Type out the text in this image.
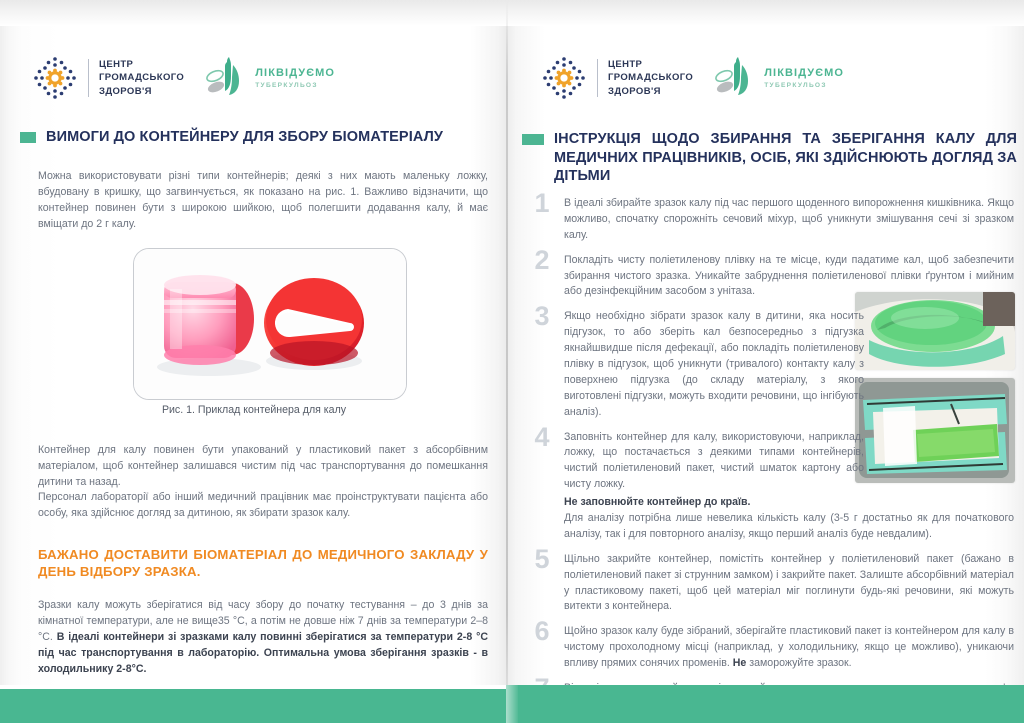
ЦЕНТР
ГРОМАДСЬКОГО
ЗДОРОВ'Я
ЛІКВІДУЄМО
ТУБЕРКУЛЬОЗ
ВИМОГИ ДО КОНТЕЙНЕРУ ДЛЯ ЗБОРУ БІОМАТЕРІАЛУ
Можна використовувати різні типи контейнерів; деякі з них мають маленьку ложку, вбудовану в кришку, що загвинчується, як показано на рис. 1. Важливо відзначити, що контейнер повинен бути з широкою шийкою, щоб полегшити додавання калу, й має вміщати до 2 г калу.
Рис. 1. Приклад контейнера для калу
Контейнер для калу повинен бути упакований у пластиковий пакет з абсорбівним матеріалом, щоб контейнер залишався чистим під час транспортування до помешкання дитини та назад.
Персонал лабораторії або інший медичний працівник має проінструктувати пацієнта або особу, яка здійснює догляд за дитиною, як збирати зразок калу.
БАЖАНО ДОСТАВИТИ БІОМАТЕРІАЛ ДО МЕДИЧНОГО ЗАКЛАДУ У ДЕНЬ ВІДБОРУ ЗРАЗКА.
Зразки калу можуть зберігатися від часу збору до початку тестування – до 3 днів за кімнатної температури, але не вище35 °С, а потім не довше ніж 7 днів за температури 2–8 °С. В ідеалі контейнери зі зразками калу повинні зберігатися за температури 2-8 °С під час транспортування в лабораторію. Оптимальна умова зберігання зразків - в холодильнику 2-8°С.
ЦЕНТР
ГРОМАДСЬКОГО
ЗДОРОВ'Я
ЛІКВІДУЄМО
ТУБЕРКУЛЬОЗ
ІНСТРУКЦІЯ ЩОДО ЗБИРАННЯ ТА ЗБЕРІГАННЯ КАЛУ ДЛЯ МЕДИЧНИХ ПРАЦІВНИКІВ, ОСІБ, ЯКІ ЗДІЙСНЮЮТЬ ДОГЛЯД ЗА ДІТЬМИ
1	В ідеалі збирайте зразок калу під час першого щоденного випорожнення кишківника. Якщо можливо, спочатку спорожніть сечовий міхур, щоб уникнути змішування сечі зі зразком калу.
2	Покладіть чисту поліетиленову плівку на те місце, куди падатиме кал, щоб забезпечити збирання чистого зразка. Уникайте забруднення поліетиленової плівки ґрунтом і мийним або дезінфекційним засобом з унітаза.
3	Якщо необхідно зібрати зразок калу в дитини, яка носить підгузок, то або зберіть кал безпосередньо з підгузка якнайшвидше після дефекації, або покладіть поліетиленову плівку в підгузок, щоб уникнути (тривалого) контакту калу з поверхнею підгузка (до складу матеріалу, з якого виготовлені підгузки, можуть входити речовини, що інгібують аналіз).
4	Заповніть контейнер для калу, використовуючи, наприклад, ложку, що постачається з деякими типами контейнерів, чистий поліетиленовий пакет, чистий шматок картону або чисту ложку.
Не заповнюйте контейнер до країв.
Для аналізу потрібна лише невелика кількість калу (3-5 г достатньо як для початкового аналізу, так і для повторного аналізу, якщо перший аналіз буде невдалим).
5	Щільно закрийте контейнер, помістіть контейнер у поліетиленовий пакет (бажано в поліетиленовий пакет зі струнним замком) і закрийте пакет. Залиште абсорбівний матеріал у пластиковому пакеті, щоб цей матеріал міг поглинути будь-які речовини, які можуть витекти з контейнера.
6	Щойно зразок калу буде зібраний, зберігайте пластиковий пакет із контейнером для калу в чистому прохолодному місці (наприклад, у холодильнику, якщо це можливо), уникаючи впливу прямих сонячих променів. Не заморожуйте зразок.
